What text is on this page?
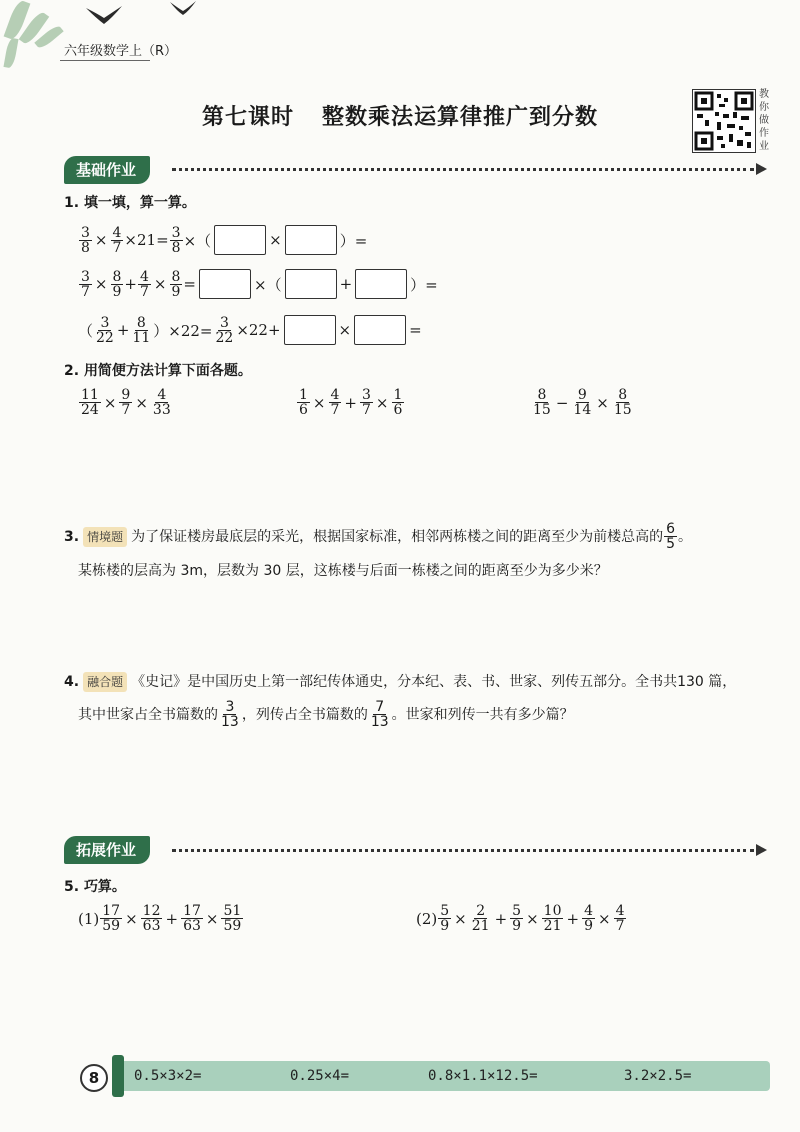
六年级数学上（R）
第七课时 整数乘法运算律推广到分数
教你做作业
基础作业
1. 填一填，算一算。
$\frac{3}{8} \times \frac{4}{7} \times 21= \frac{3}{8}$ ×（	×	）=
$\frac{3}{7} \times \frac{8}{9} + \frac{4}{7} \times \frac{8}{9}$ =	×（	+	）=
（ $\frac{3}{22} + \frac{8}{11} )\times 22= \frac{3}{22} \times 22+$	×	=
2. 用简便方法计算下面各题。
$\frac{11}{24} \times \frac{9}{7} \times \frac{4}{33}$	$\frac{1}{6} \times \frac{4}{7} + \frac{3}{7} \times \frac{1}{6}$	$\frac{8}{15} - \frac{9}{14} \times \frac{8}{15}$
3. 情境题 为了保证楼房最底层的采光，根据国家标准，相邻两栋楼之间的距离至少为前楼总高的 $\frac{6}{5}$ 。
某栋楼的层高为 3m，层数为 30 层，这栋楼与后面一栋楼之间的距离至少为多少米？
4. 融合题 《史记》是中国历史上第一部纪传体通史，分本纪、表、书、世家、列传五部分。全书共130 篇，
其中世家占全书篇数的 $\frac{3}{13}$ ，列传占全书篇数的 $\frac{7}{13}$ 。世家和列传一共有多少篇？
拓展作业
5. 巧算。
$(1) \frac{17}{59} \times \frac{12}{63} + \frac{17}{63} \times \frac{51}{59}$	$(2) \frac{5}{9} \times \frac{2}{21} + \frac{5}{9} \times \frac{10}{21} + \frac{4}{9} \times \frac{4}{7}$
8	0.5×3×2=	0.25×4=	0.8×1.1×12.5=	3.2×2.5=
